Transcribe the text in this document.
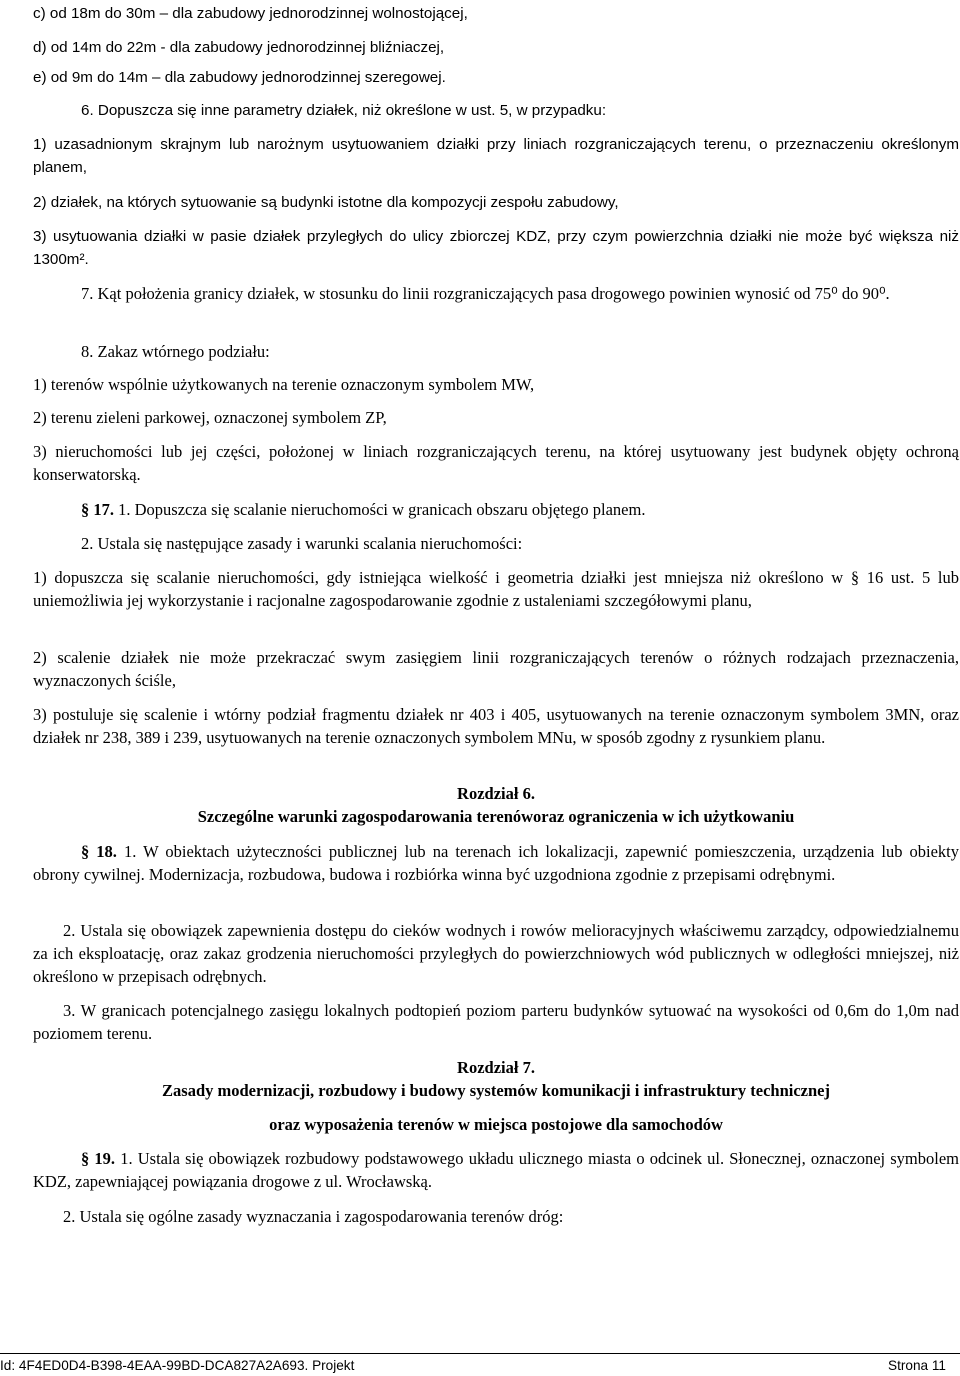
c) od 18m do 30m – dla zabudowy jednorodzinnej wolnostojącej,

d) od 14m do 22m - dla zabudowy jednorodzinnej bliźniaczej,

e) od 9m do 14m – dla zabudowy jednorodzinnej szeregowej.

6. Dopuszcza się inne parametry działek, niż określone w ust. 5, w przypadku:

1) uzasadnionym skrajnym lub narożnym usytuowaniem działki przy liniach rozgraniczających terenu, o przeznaczeniu określonym planem,

2) działek, na których sytuowanie są budynki istotne dla kompozycji zespołu zabudowy,

3) usytuowania działki w pasie działek przyległych do ulicy zbiorczej KDZ, przy czym powierzchnia działki nie może być większa niż 1300m².

7. Kąt położenia granicy działek, w stosunku do linii rozgraniczających pasa drogowego powinien wynosić od 75⁰ do 90⁰.

8. Zakaz wtórnego podziału:

1) terenów wspólnie użytkowanych na terenie oznaczonym symbolem MW,

2) terenu zieleni parkowej, oznaczonej symbolem ZP,

3) nieruchomości lub jej części, położonej w liniach rozgraniczających terenu, na której usytuowany jest budynek objęty ochroną konserwatorską.

§ 17. 1. Dopuszcza się scalanie nieruchomości w granicach obszaru objętego planem.

2. Ustala się następujące zasady i warunki scalania nieruchomości:

1) dopuszcza się scalanie nieruchomości, gdy istniejąca wielkość i geometria działki jest mniejsza niż określono w § 16 ust. 5 lub uniemożliwia jej wykorzystanie i racjonalne zagospodarowanie zgodnie z ustaleniami szczegółowymi planu,

2) scalenie działek nie może przekraczać swym zasięgiem linii rozgraniczających terenów o różnych rodzajach przeznaczenia, wyznaczonych ściśle,

3) postuluje się scalenie i wtórny podział fragmentu działek nr 403 i 405, usytuowanych na terenie oznaczonym symbolem 3MN, oraz działek nr 238, 389 i 239, usytuowanych na terenie oznaczonych symbolem MNu, w sposób zgodny z rysunkiem planu.

Rozdział 6.

Szczególne warunki zagospodarowania terenóworaz ograniczenia w ich użytkowaniu

§ 18. 1. W obiektach użyteczności publicznej lub na terenach ich lokalizacji, zapewnić pomieszczenia, urządzenia lub obiekty obrony cywilnej. Modernizacja, rozbudowa, budowa i rozbiórka winna być uzgodniona zgodnie z przepisami odrębnymi.

2. Ustala się obowiązek zapewnienia dostępu do cieków wodnych i rowów melioracyjnych właściwemu zarządcy, odpowiedzialnemu za ich eksploatację, oraz zakaz grodzenia nieruchomości przyległych do powierzchniowych wód publicznych w odległości mniejszej, niż określono w przepisach odrębnych.

3. W granicach potencjalnego zasięgu lokalnych podtopień poziom parteru budynków sytuować na wysokości od 0,6m do 1,0m nad poziomem terenu.

Rozdział 7.

Zasady modernizacji, rozbudowy i budowy systemów komunikacji i infrastruktury technicznej

oraz wyposażenia terenów w miejsca postojowe dla samochodów

§ 19. 1. Ustala się obowiązek rozbudowy podstawowego układu ulicznego miasta o odcinek ul. Słonecznej, oznaczonej symbolem KDZ, zapewniającej powiązania drogowe z ul. Wrocławską.

2. Ustala się ogólne zasady wyznaczania i zagospodarowania terenów dróg:

Id: 4F4ED0D4-B398-4EAA-99BD-DCA827A2A693. Projekt	Strona 11
